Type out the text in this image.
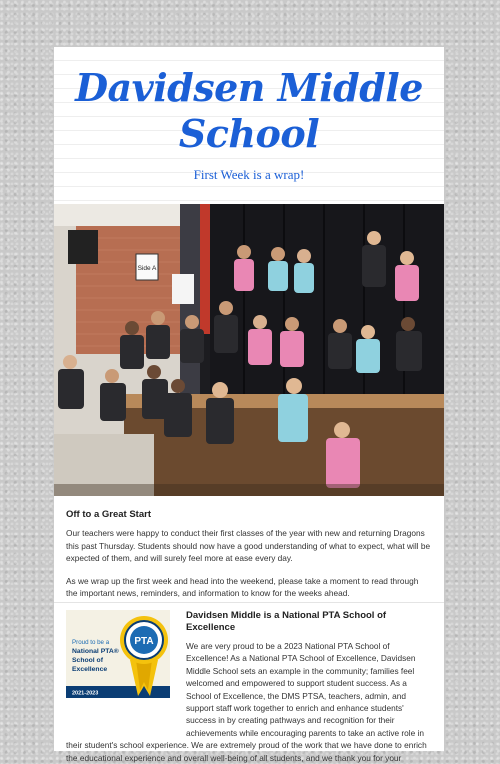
Davidsen Middle School
First Week is a wrap!
Side A
Off to a Great Start
Our teachers were happy to conduct their first classes of the year with new and returning Dragons this past Thursday. Students should now have a good understanding of what to expect, what will be expected of them, and will surely feel more at ease every day.
As we wrap up the first week and head into the weekend, please take a moment to read through the important news, reminders, and information to know for the weeks ahead.
Proud to be a
National PTA®
School of
Excellence
2021-2023
PTA
Davidsen Middle is a National PTA School of Excellence
We are very proud to be a 2023 National PTA School of Excellence! As a National PTA School of Excellence, Davidsen Middle School sets an example in the community; families feel welcomed and empowered to support student success. As a School of Excellence, the DMS PTSA, teachers, admin, and support staff work together to enrich and enhance students' success in by creating pathways and recognition for their achievements while encouraging parents to take an active role in their student's school experience. We are extremely proud of the work that we have done to enrich the educational experience and overall well-being of all students, and we thank you for your
